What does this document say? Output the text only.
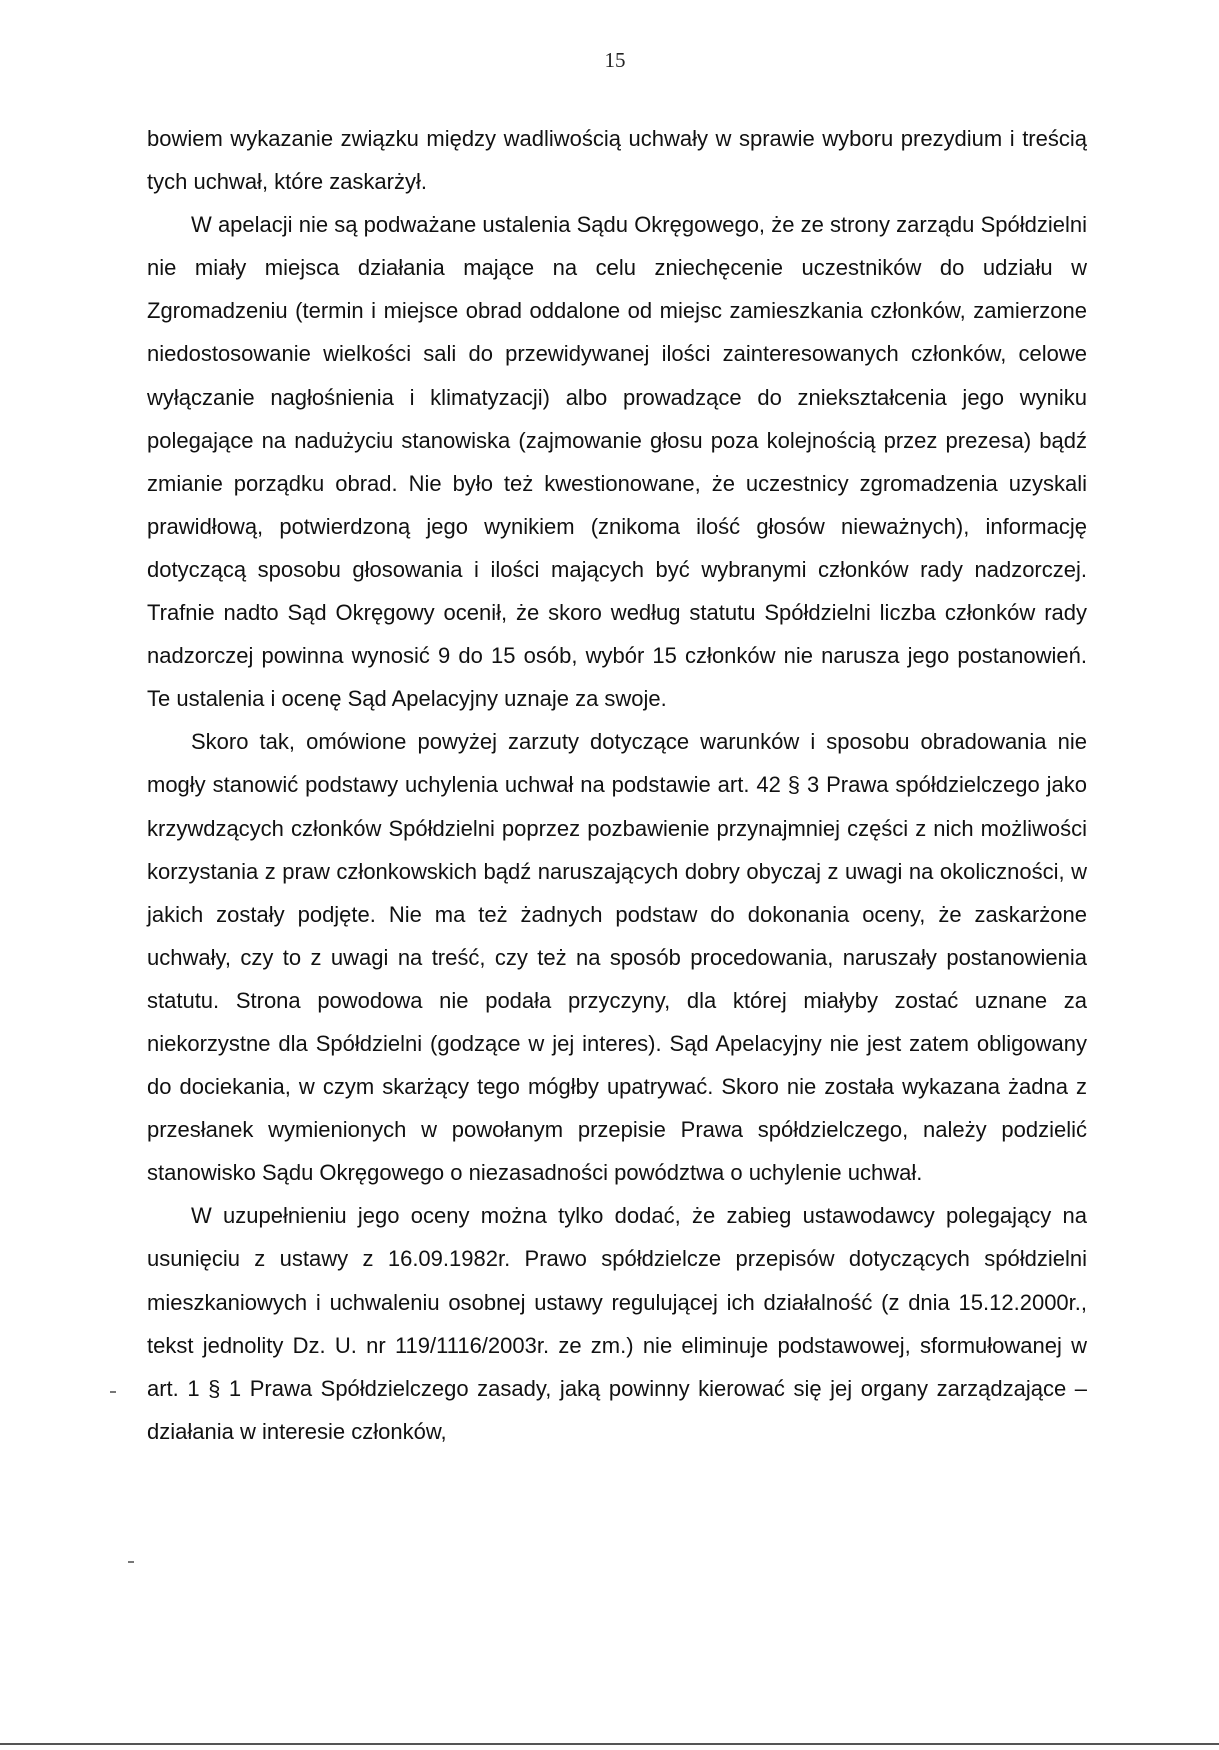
15

bowiem wykazanie związku między wadliwością uchwały w sprawie wyboru prezydium i treścią tych uchwał, które zaskarżył.

W apelacji nie są podważane ustalenia Sądu Okręgowego, że ze strony zarządu Spółdzielni nie miały miejsca działania mające na celu zniechęcenie uczestników do udziału w Zgromadzeniu (termin i miejsce obrad oddalone od miejsc zamieszkania członków, zamierzone niedostosowanie wielkości sali do przewidywanej ilości zainteresowanych członków, celowe wyłączanie nagłośnienia i klimatyzacji) albo prowadzące do zniekształcenia jego wyniku polegające na nadużyciu stanowiska (zajmowanie głosu poza kolejnością przez prezesa) bądź zmianie porządku obrad. Nie było też kwestionowane, że uczestnicy zgromadzenia uzyskali prawidłową, potwierdzoną jego wynikiem (znikoma ilość głosów nieważnych), informację dotyczącą sposobu głosowania i ilości mających być wybranymi członków rady nadzorczej. Trafnie nadto Sąd Okręgowy ocenił, że skoro według statutu Spółdzielni liczba członków rady nadzorczej powinna wynosić 9 do 15 osób, wybór 15 członków nie narusza jego postanowień. Te ustalenia i ocenę Sąd Apelacyjny uznaje za swoje.

Skoro tak, omówione powyżej zarzuty dotyczące warunków i sposobu obradowania nie mogły stanowić podstawy uchylenia uchwał na podstawie art. 42 § 3 Prawa spółdzielczego jako krzywdzących członków Spółdzielni poprzez pozbawienie przynajmniej części z nich możliwości korzystania z praw członkowskich bądź naruszających dobry obyczaj z uwagi na okoliczności, w jakich zostały podjęte. Nie ma też żadnych podstaw do dokonania oceny, że zaskarżone uchwały, czy to z uwagi na treść, czy też na sposób procedowania, naruszały postanowienia statutu. Strona powodowa nie podała przyczyny, dla której miałyby zostać uznane za niekorzystne dla Spółdzielni (godzące w jej interes). Sąd Apelacyjny nie jest zatem obligowany do dociekania, w czym skarżący tego mógłby upatrywać. Skoro nie została wykazana żadna z przesłanek wymienionych w powołanym przepisie Prawa spółdzielczego, należy podzielić stanowisko Sądu Okręgowego o niezasadności powództwa o uchylenie uchwał.

W uzupełnieniu jego oceny można tylko dodać, że zabieg ustawodawcy polegający na usunięciu z ustawy z 16.09.1982r. Prawo spółdzielcze przepisów dotyczących spółdzielni mieszkaniowych i uchwaleniu osobnej ustawy regulującej ich działalność (z dnia 15.12.2000r., tekst jednolity Dz. U. nr 119/1116/2003r. ze zm.) nie eliminuje podstawowej, sformułowanej w art. 1 § 1 Prawa Spółdzielczego zasady, jaką powinny kierować się jej organy zarządzające – działania w interesie członków,
